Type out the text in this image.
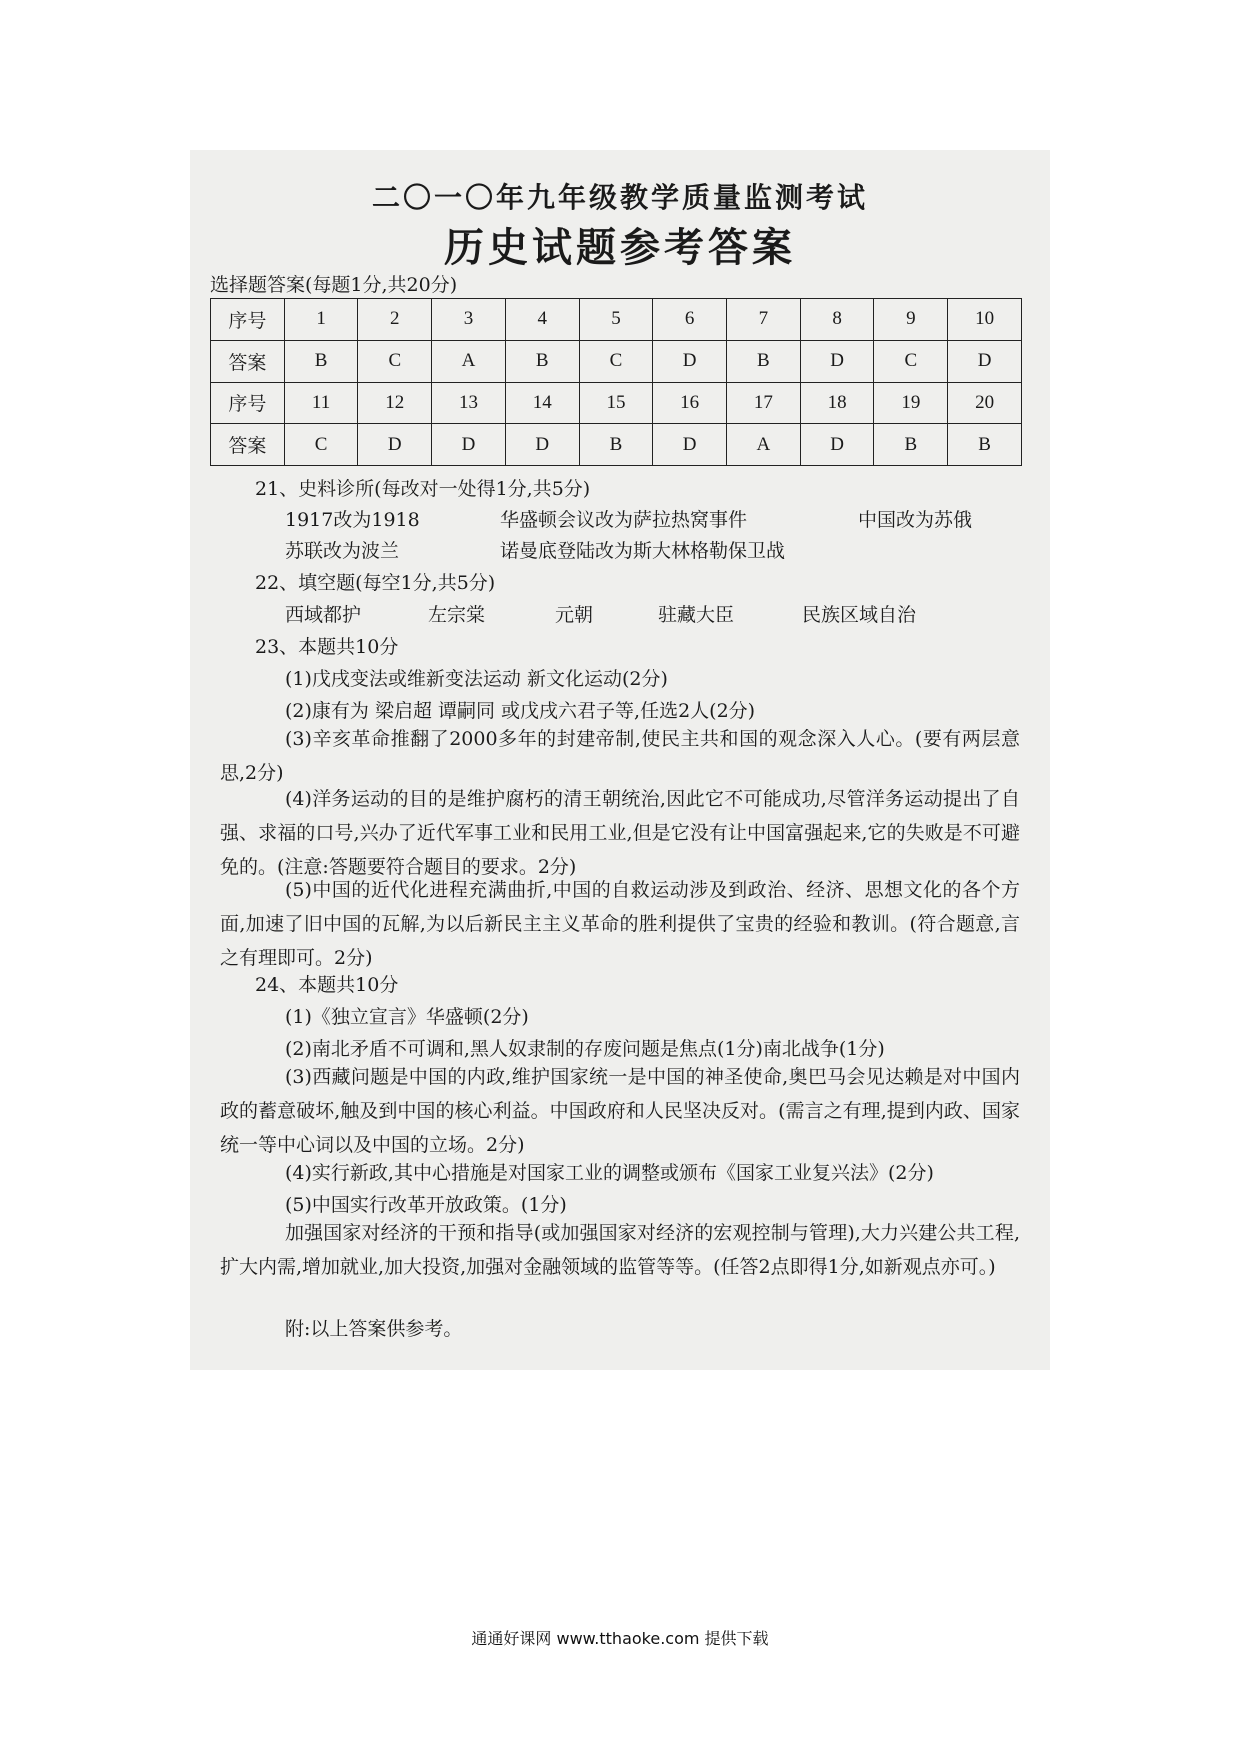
二〇一〇年九年级教学质量监测考试
历史试题参考答案
选择题答案(每题1分,共20分)
序号	1	2	3	4	5	6	7	8	9	10
答案	B	C	A	B	C	D	B	D	C	D
序号	11	12	13	14	15	16	17	18	19	20
答案	C	D	D	D	B	D	A	D	B	B
21、史料诊所(每改对一处得1分,共5分)
1917改为1918	华盛顿会议改为萨拉热窝事件	中国改为苏俄
苏联改为波兰	诺曼底登陆改为斯大林格勒保卫战
22、填空题(每空1分,共5分)
西域都护	左宗棠	元朝	驻藏大臣	民族区域自治
23、本题共10分
(1)戊戌变法或维新变法运动 新文化运动(2分)
(2)康有为 梁启超 谭嗣同 或戊戌六君子等,任选2人(2分)
(3)辛亥革命推翻了2000多年的封建帝制,使民主共和国的观念深入人心。(要有两层意思,2分)
(4)洋务运动的目的是维护腐朽的清王朝统治,因此它不可能成功,尽管洋务运动提出了自强、求福的口号,兴办了近代军事工业和民用工业,但是它没有让中国富强起来,它的失败是不可避免的。(注意:答题要符合题目的要求。2分)
(5)中国的近代化进程充满曲折,中国的自救运动涉及到政治、经济、思想文化的各个方面,加速了旧中国的瓦解,为以后新民主主义革命的胜利提供了宝贵的经验和教训。(符合题意,言之有理即可。2分)
24、本题共10分
(1)《独立宣言》华盛顿(2分)
(2)南北矛盾不可调和,黑人奴隶制的存废问题是焦点(1分)南北战争(1分)
(3)西藏问题是中国的内政,维护国家统一是中国的神圣使命,奥巴马会见达赖是对中国内政的蓄意破坏,触及到中国的核心利益。中国政府和人民坚决反对。(需言之有理,提到内政、国家统一等中心词以及中国的立场。2分)
(4)实行新政,其中心措施是对国家工业的调整或颁布《国家工业复兴法》(2分)
(5)中国实行改革开放政策。(1分)
加强国家对经济的干预和指导(或加强国家对经济的宏观控制与管理),大力兴建公共工程,扩大内需,增加就业,加大投资,加强对金融领域的监管等等。(任答2点即得1分,如新观点亦可。)
附:以上答案供参考。
通通好课网 www.tthaoke.com 提供下载
